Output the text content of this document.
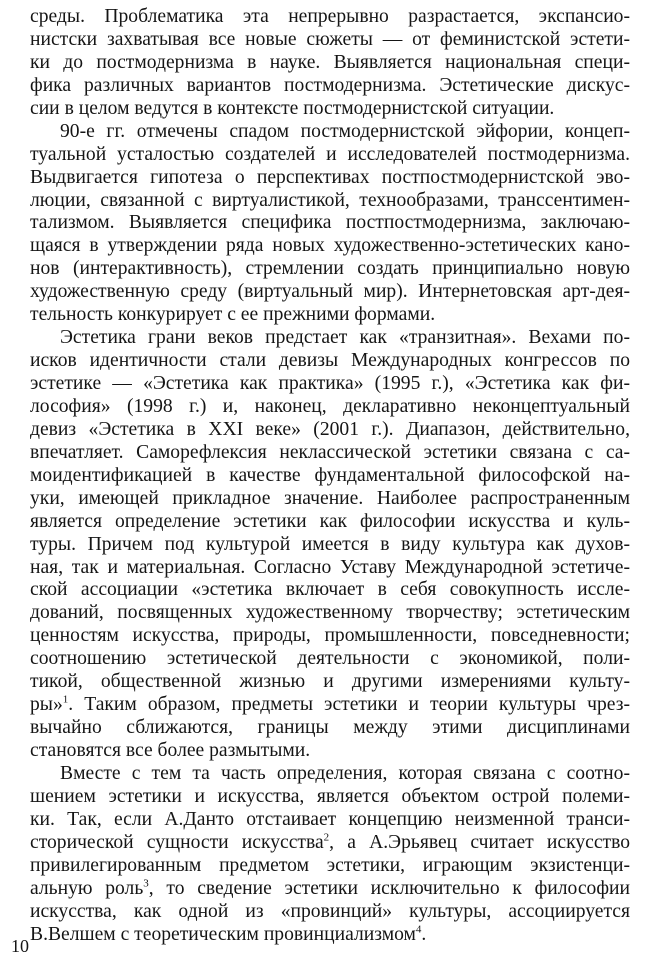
среды. Проблематика эта непрерывно разрастается, экспансио-
нистски захватывая все новые сюжеты — от феминистской эстети-
ки до постмодернизма в науке. Выявляется национальная специ-
фика различных вариантов постмодернизма. Эстетические дискус-
сии в целом ведутся в контексте постмодернистской ситуации.
90-е гг. отмечены спадом постмодернистской эйфории, концеп-
туальной усталостью создателей и исследователей постмодернизма.
Выдвигается гипотеза о перспективах постпостмодернистской эво-
люции, связанной с виртуалистикой, технообразами, транссентимен-
тализмом. Выявляется специфика постпостмодернизма, заключаю-
щаяся в утверждении ряда новых художественно-эстетических кано-
нов (интерактивность), стремлении создать принципиально новую
художественную среду (виртуальный мир). Интернетовская арт-дея-
тельность конкурирует с ее прежними формами.
Эстетика грани веков предстает как «транзитная». Вехами по-
исков идентичности стали девизы Международных конгрессов по
эстетике — «Эстетика как практика» (1995 г.), «Эстетика как фи-
лософия» (1998 г.) и, наконец, декларативно неконцептуальный
девиз «Эстетика в XXI веке» (2001 г.). Диапазон, действительно,
впечатляет. Саморефлексия неклассической эстетики связана с са-
моидентификацией в качестве фундаментальной философской на-
уки, имеющей прикладное значение. Наиболее распространенным
является определение эстетики как философии искусства и куль-
туры. Причем под культурой имеется в виду культура как духов-
ная, так и материальная. Согласно Уставу Международной эстетиче-
ской ассоциации «эстетика включает в себя совокупность иссле-
дований, посвященных художественному творчеству; эстетическим
ценностям искусства, природы, промышленности, повседневности;
соотношению эстетической деятельности с экономикой, поли-
тикой, общественной жизнью и другими измерениями культу-
ры»$^1$. Таким образом, предметы эстетики и теории культуры чрез-
вычайно сближаются, границы между этими дисциплинами
становятся все более размытыми.
Вместе с тем та часть определения, которая связана с соотно-
шением эстетики и искусства, является объектом острой полеми-
ки. Так, если А.Данто отстаивает концепцию неизменной транси-
сторической сущности искусства$^2$, а А.Эрьявец считает искусство
привилегированным предметом эстетики, играющим экзистенци-
альную роль$^3$, то сведение эстетики исключительно к философии
искусства, как одной из «провинций» культуры, ассоциируется
В.Велшем с теоретическим провинциализмом$^4$.
10
